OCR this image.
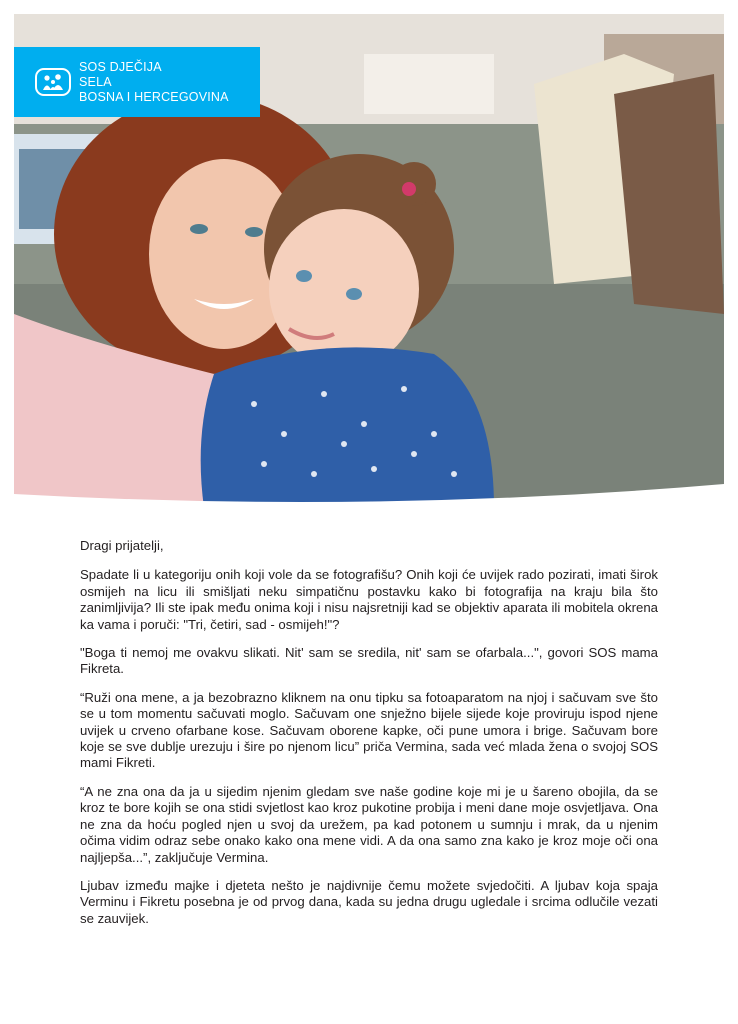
SOS DJEČIJA
SELA
BOSNA I HERCEGOVINA

Dragi prijatelji,

Spadate li u kategoriju onih koji vole da se fotografišu? Onih koji će uvijek rado pozirati, imati širok osmijeh na licu ili smišljati neku simpatičnu postavku kako bi fotografija na kraju bila što zanimljivija? Ili ste ipak među onima koji i nisu najsretniji kad se objektiv aparata ili mobitela okrena ka vama i poruči: "Tri, četiri, sad - osmijeh!"?

"Boga ti nemoj me ovakvu slikati. Nit' sam se sredila, nit' sam se ofarbala...", govori SOS mama Fikreta.

“Ruži ona mene, a ja bezobrazno kliknem na onu tipku sa fotoaparatom na njoj i sačuvam sve što se u tom momentu sačuvati moglo. Sačuvam one snježno bijele sijede koje proviruju ispod njene uvijek u crveno ofarbane kose. Sačuvam oborene kapke, oči pune umora i brige. Sačuvam bore koje se sve dublje urezuju i šire po njenom licu” priča Vermina, sada već mlada žena o svojoj SOS mami Fikreti.

“A ne zna ona da ja u sijedim njenim gledam sve naše godine koje mi je u šareno obojila, da se kroz te bore kojih se ona stidi svjetlost kao kroz pukotine probija i meni dane moje osvjetljava. Ona ne zna da hoću pogled njen u svoj da urežem, pa kad potonem u sumnju i mrak, da u njenim očima vidim odraz sebe onako kako ona mene vidi. A da ona samo zna kako je kroz moje oči ona najljepša...”, zaključuje Vermina.

Ljubav između majke i djeteta nešto je najdivnije čemu možete svjedočiti. A ljubav koja spaja Verminu i Fikretu posebna je od prvog dana, kada su jedna drugu ugledale i srcima odlučile vezati se zauvijek.
